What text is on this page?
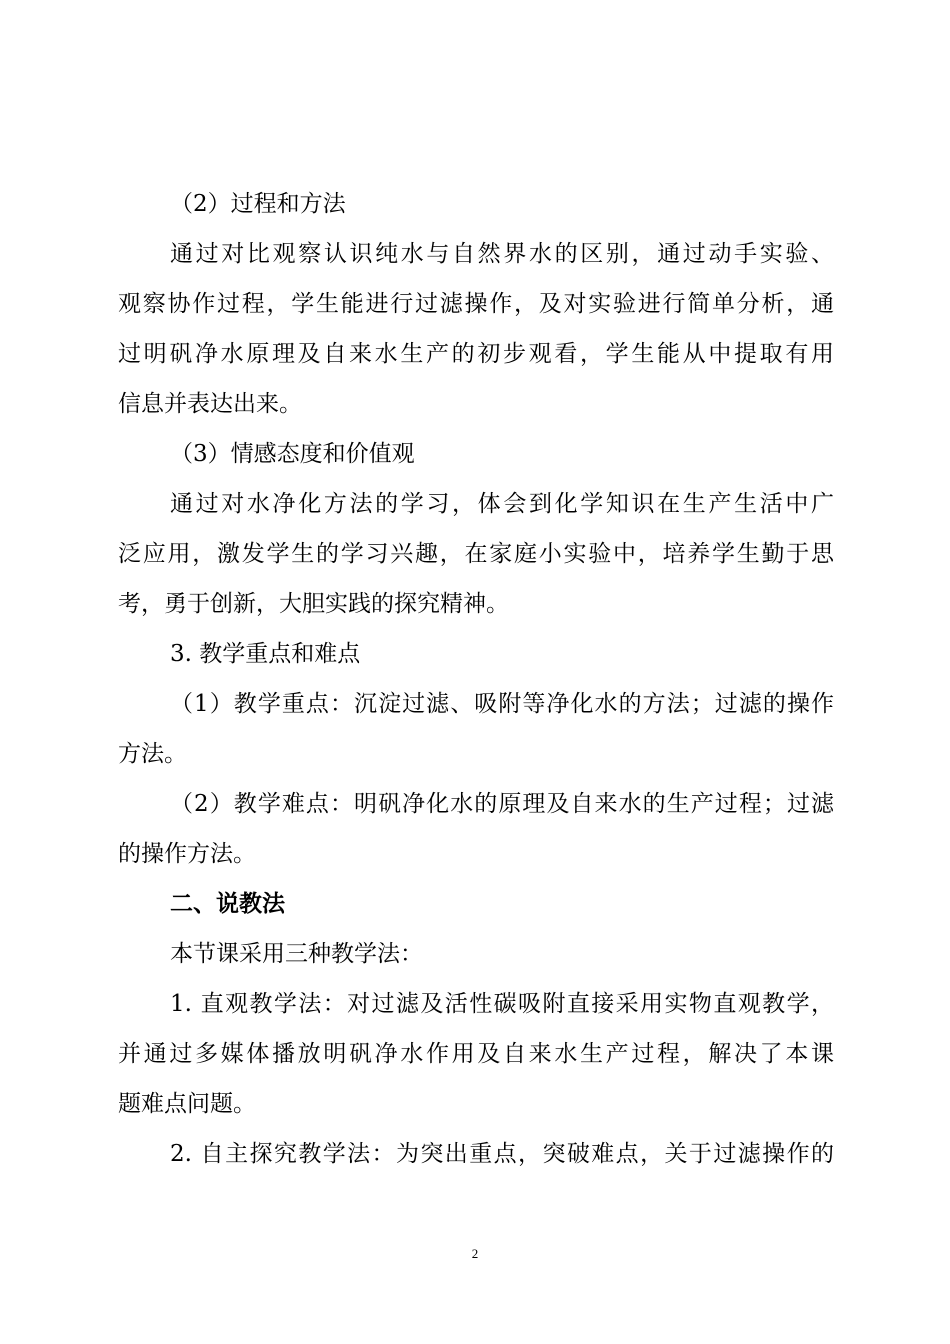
（2）过程和方法
通过对比观察认识纯水与自然界水的区别，通过动手实验、
观察协作过程，学生能进行过滤操作，及对实验进行简单分析，通
过明矾净水原理及自来水生产的初步观看，学生能从中提取有用
信息并表达出来。
（3）情感态度和价值观
通过对水净化方法的学习，体会到化学知识在生产生活中广
泛应用，激发学生的学习兴趣，在家庭小实验中，培养学生勤于思
考，勇于创新，大胆实践的探究精神。
3. 教学重点和难点
（1）教学重点：沉淀过滤、吸附等净化水的方法；过滤的操作
方法。
（2）教学难点：明矾净化水的原理及自来水的生产过程；过滤
的操作方法。
二、说教法
本节课采用三种教学法：
1. 直观教学法：对过滤及活性碳吸附直接采用实物直观教学，
并通过多媒体播放明矾净水作用及自来水生产过程，解决了本课
题难点问题。
2. 自主探究教学法：为突出重点，突破难点，关于过滤操作的
2
